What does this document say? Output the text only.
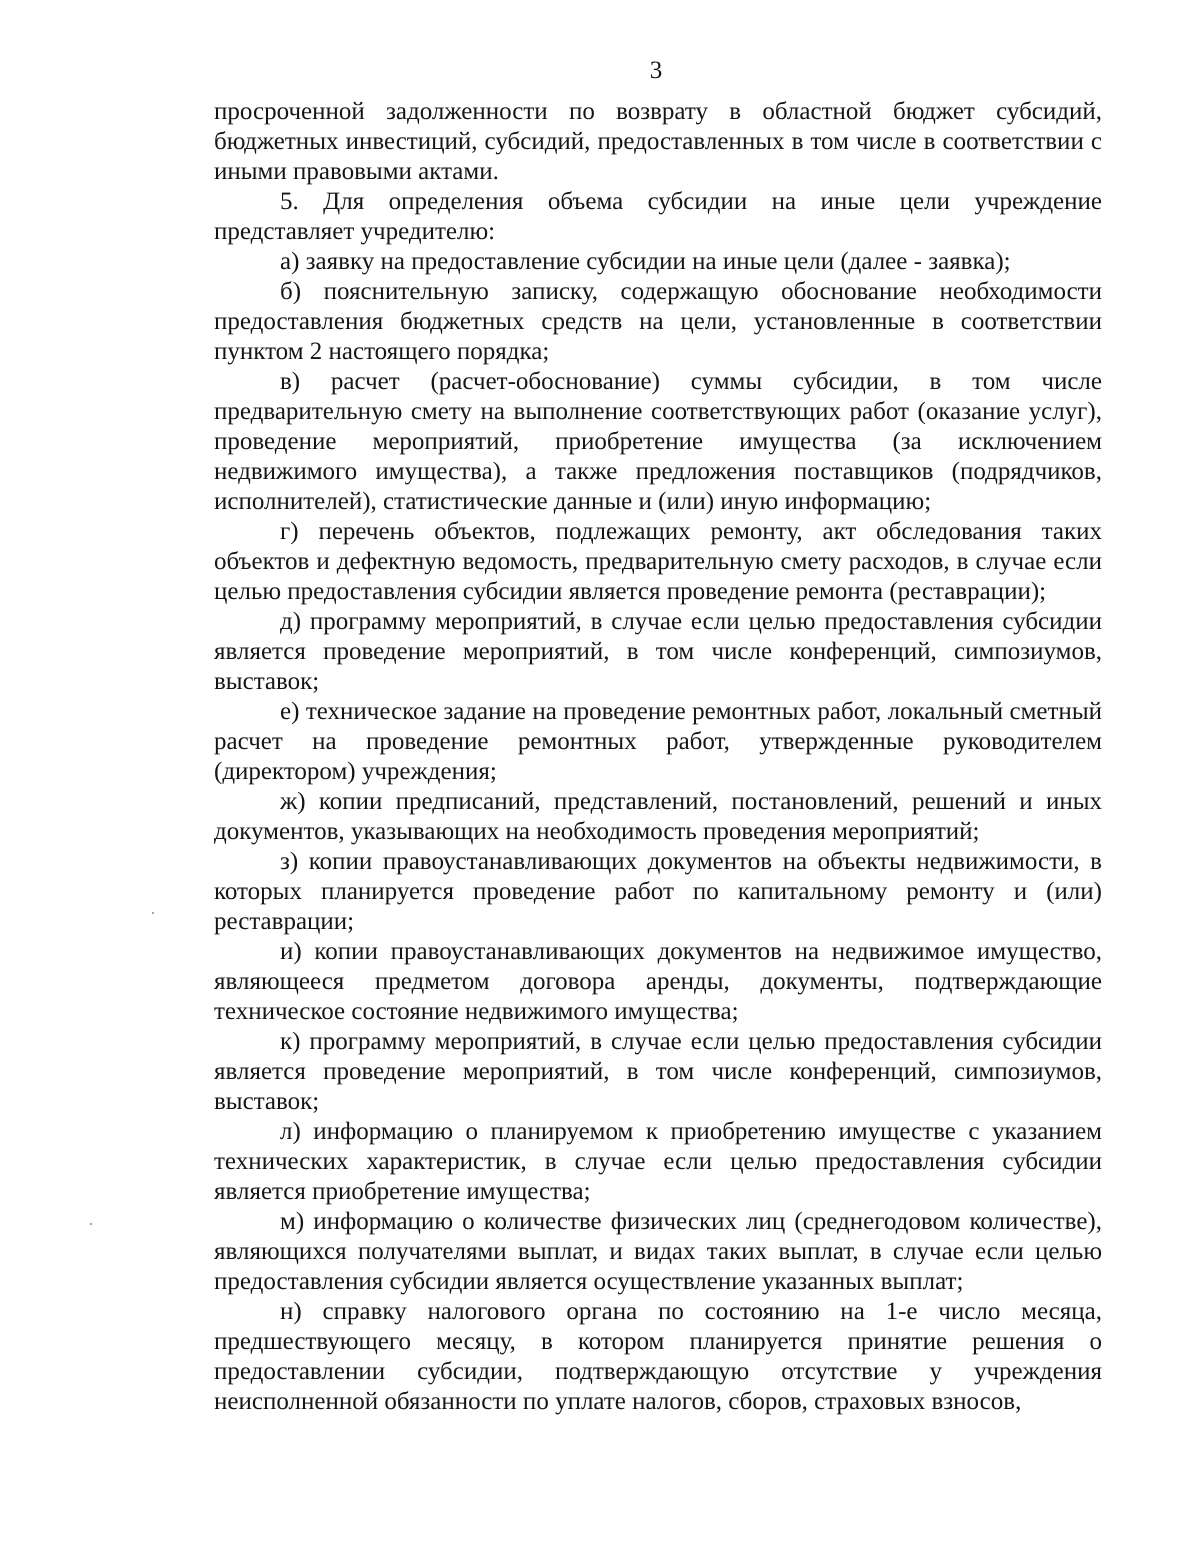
3

просроченной задолженности по возврату в областной бюджет субсидий, бюджетных инвестиций, субсидий, предоставленных в том числе в соответствии с иными правовыми актами.

5. Для определения объема субсидии на иные цели учреждение представляет учредителю:

а) заявку на предоставление субсидии на иные цели (далее - заявка);

б) пояснительную записку, содержащую обоснование необходимости предоставления бюджетных средств на цели, установленные в соответствии пунктом 2 настоящего порядка;

в) расчет (расчет-обоснование) суммы субсидии, в том числе предварительную смету на выполнение соответствующих работ (оказание услуг), проведение мероприятий, приобретение имущества (за исключением недвижимого имущества), а также предложения поставщиков (подрядчиков, исполнителей), статистические данные и (или) иную информацию;

г) перечень объектов, подлежащих ремонту, акт обследования таких объектов и дефектную ведомость, предварительную смету расходов, в случае если целью предоставления субсидии является проведение ремонта (реставрации);

д) программу мероприятий, в случае если целью предоставления субсидии является проведение мероприятий, в том числе конференций, симпозиумов, выставок;

е) техническое задание на проведение ремонтных работ, локальный сметный расчет на проведение ремонтных работ, утвержденные руководителем (директором) учреждения;

ж) копии предписаний, представлений, постановлений, решений и иных документов, указывающих на необходимость проведения мероприятий;

з) копии правоустанавливающих документов на объекты недвижимости, в которых планируется проведение работ по капитальному ремонту и (или) реставрации;

и) копии правоустанавливающих документов на недвижимое имущество, являющееся предметом договора аренды, документы, подтверждающие техническое состояние недвижимого имущества;

к) программу мероприятий, в случае если целью предоставления субсидии является проведение мероприятий, в том числе конференций, симпозиумов, выставок;

л) информацию о планируемом к приобретению имуществе с указанием технических характеристик, в случае если целью предоставления субсидии является приобретение имущества;

м) информацию о количестве физических лиц (среднегодовом количестве), являющихся получателями выплат, и видах таких выплат, в случае если целью предоставления субсидии является осуществление указанных выплат;

н) справку налогового органа по состоянию на 1-е число месяца, предшествующего месяцу, в котором планируется принятие решения о предоставлении субсидии, подтверждающую отсутствие у учреждения неисполненной обязанности по уплате налогов, сборов, страховых взносов,
